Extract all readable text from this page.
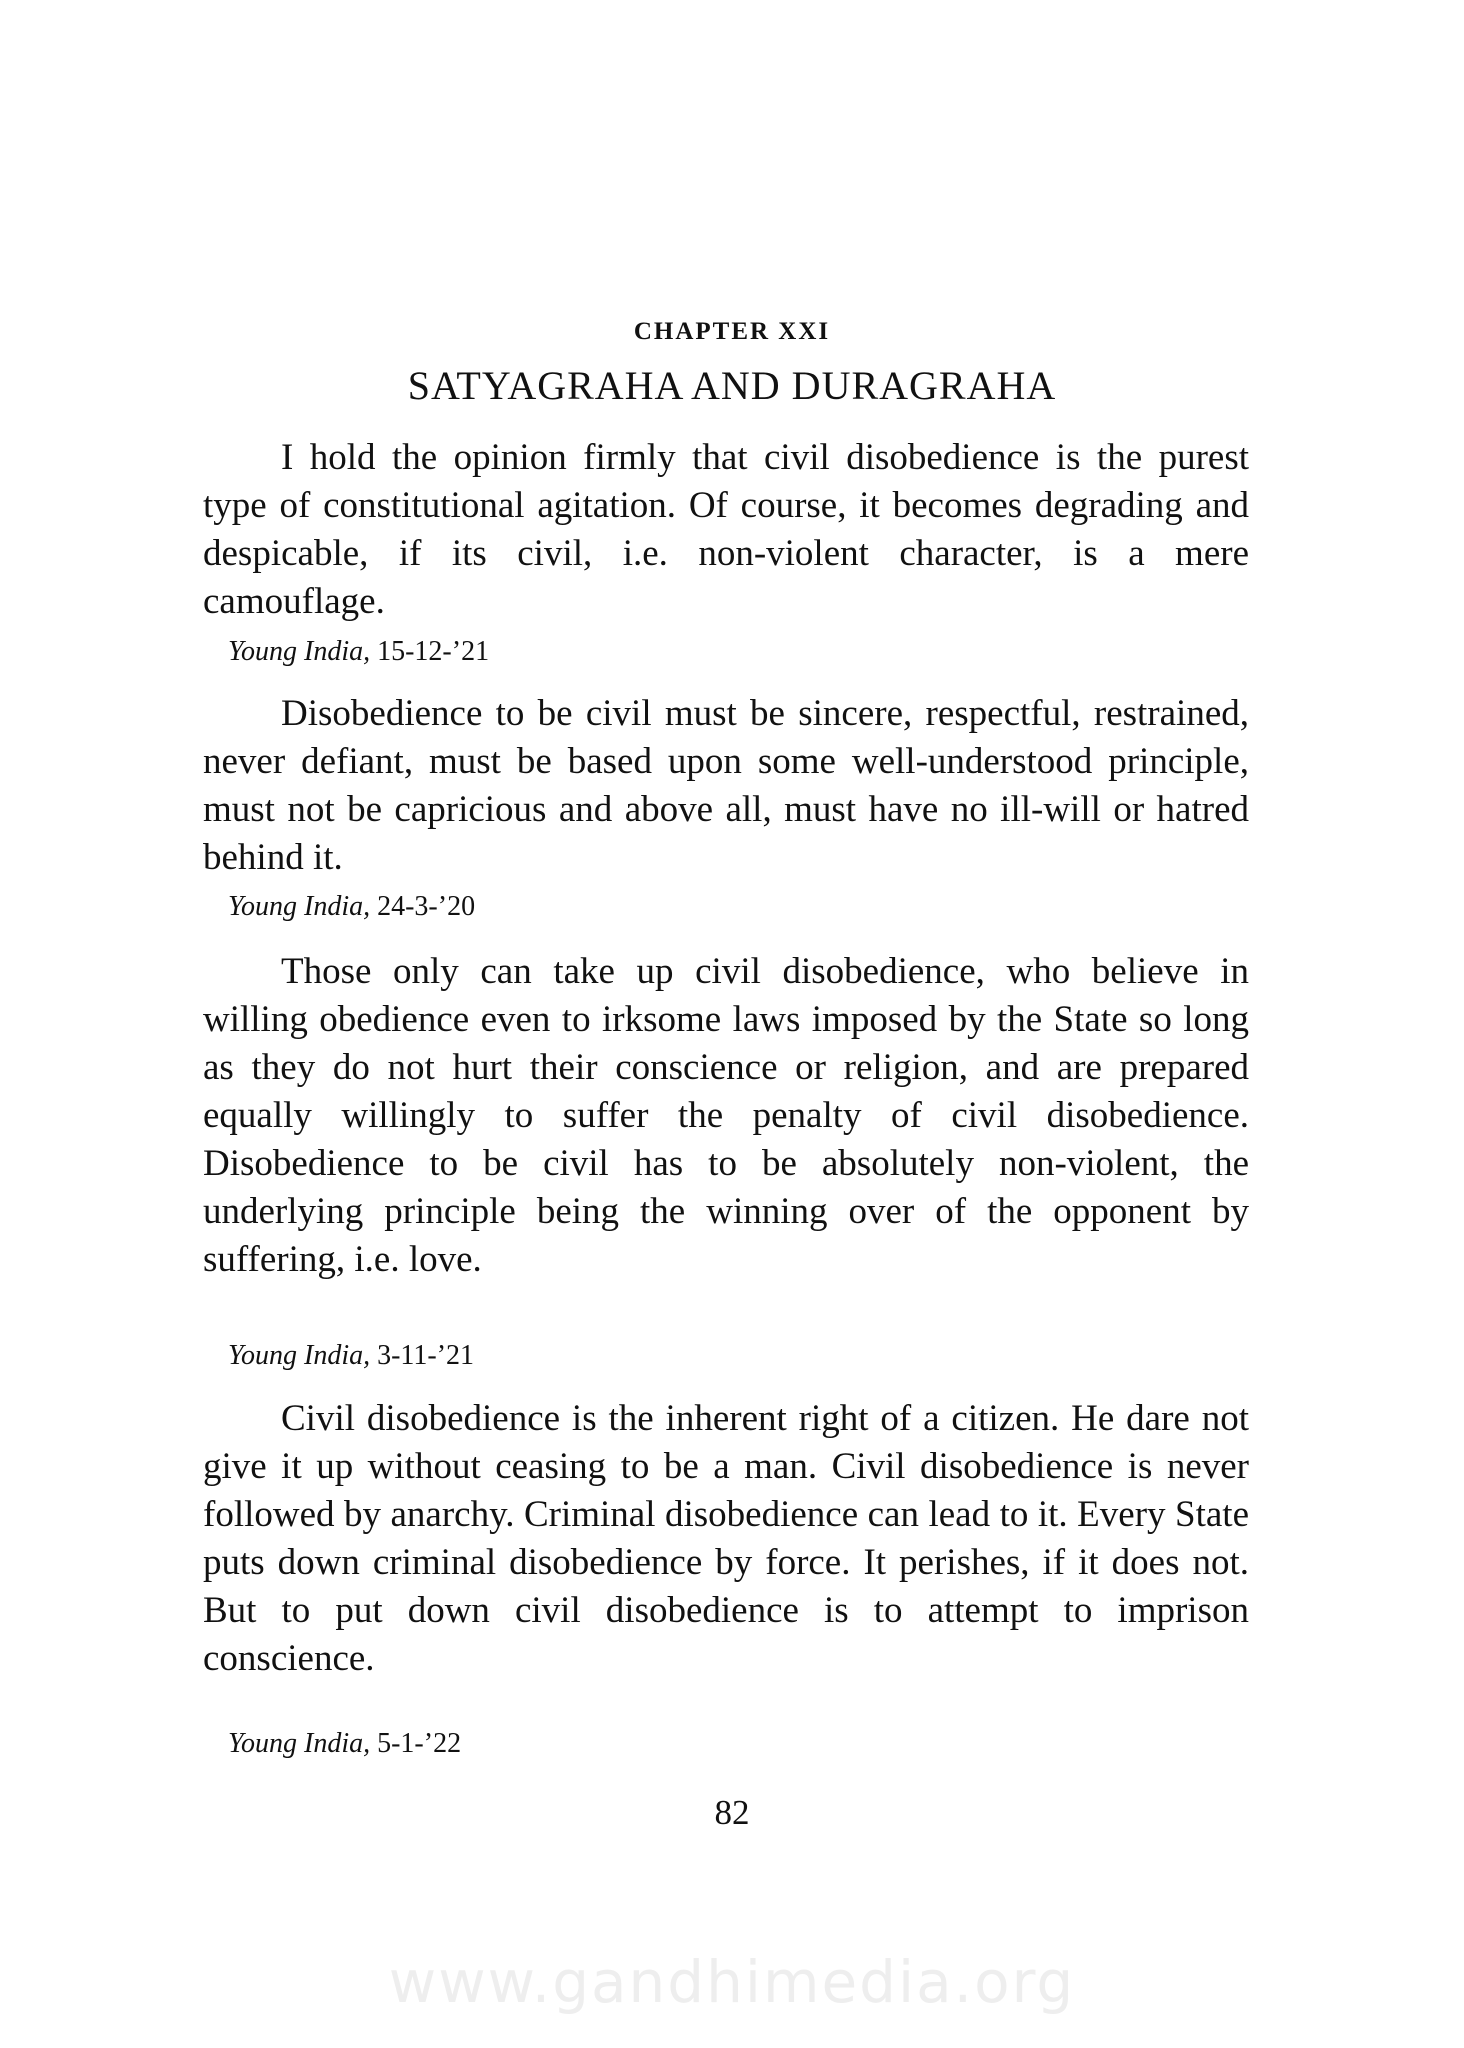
CHAPTER XXI
SATYAGRAHA AND DURAGRAHA

I hold the opinion firmly that civil disobedience is the purest type of constitutional agitation. Of course, it becomes degrading and despicable, if its civil, i.e. non-violent character, is a mere camouflage.

Young India, 15-12-’21

Disobedience to be civil must be sincere, respectful, restrained, never defiant, must be based upon some well-understood principle, must not be capricious and above all, must have no ill-will or hatred behind it.

Young India, 24-3-’20

Those only can take up civil disobedience, who believe in willing obedience even to irksome laws imposed by the State so long as they do not hurt their conscience or religion, and are prepared equally willingly to suffer the penalty of civil disobedience. Disobedience to be civil has to be absolutely non-violent, the underlying principle being the winning over of the opponent by suffering, i.e. love.

Young India, 3-11-’21

Civil disobedience is the inherent right of a citizen. He dare not give it up without ceasing to be a man. Civil disobedience is never followed by anarchy. Criminal disobedience can lead to it. Every State puts down criminal disobedience by force. It perishes, if it does not. But to put down civil disobedience is to attempt to imprison conscience.

Young India, 5-1-’22
82
www.gandhimedia.org
